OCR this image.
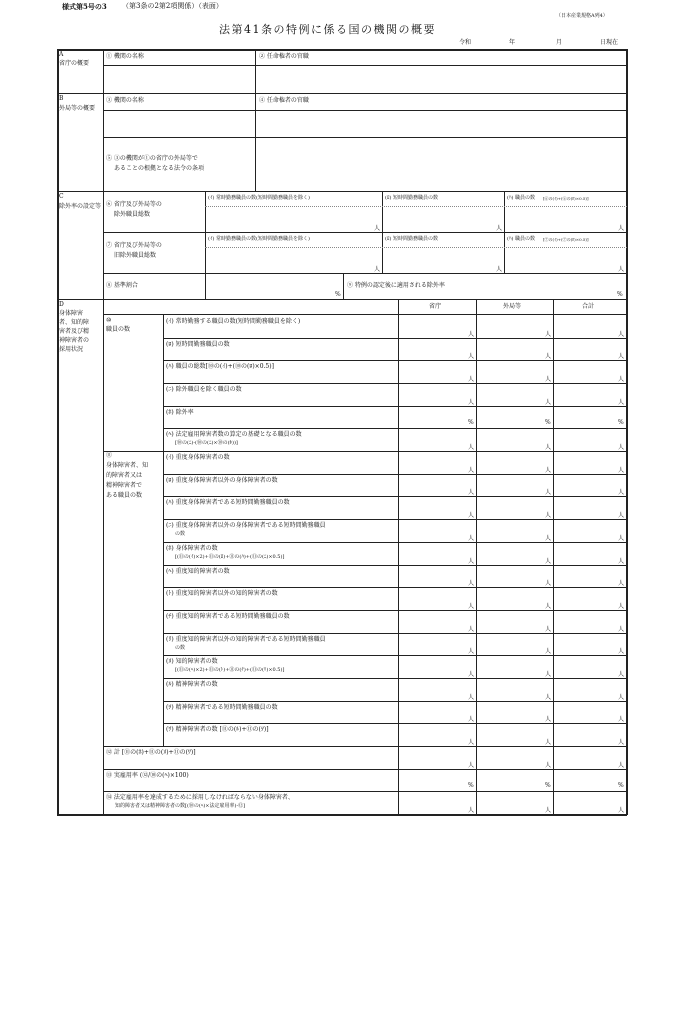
様式第5号の3 （第3条の2第2項関係）（表面）
（日本産業規格A列4）
法第41条の特例に係る国の機関の概要
令和	年	月	日現在
A
省庁の概要
① 機関の名称	② 任命権者の官職
B
外局等の概要
③ 機関の名称	④ 任命権者の官職
⑤ ③の機関が①の省庁の外局等で
あることの根拠となる法令の条項
C
除外率の設定等 ⑥ 省庁及び外局等の
除外職員総数
(ｲ) 常時勤務職員の数(短時間勤務職員を除く)	(ﾛ) 短時間勤務職員の数	(ﾊ) 職員の数 [⑥の(ｲ)+(⑥の(ﾛ)×0.5)]
人	人	人
⑦ 省庁及び外局等の
旧除外職員総数
(ｲ) 常時勤務職員の数(短時間勤務職員を除く)	(ﾛ) 短時間勤務職員の数	(ﾊ) 職員の数 [⑦の(ｲ)+(⑦の(ﾛ)×0.5)]
人	人	人
⑧ 基準割合
%
⑨ 特例の認定後に適用される除外率
%
D
身体障害
者、知的障
害者及び精
神障害者の
採用状況
省庁	外局等	合計
⑩
職員の数
⑪
身体障害者、知
的障害者又は
精神障害者で
ある職員の数
(ｲ) 常時勤務する職員の数(短時間勤務職員を除く)
人	人	人
(ﾛ) 短時間勤務職員の数
人	人	人
(ﾊ) 職員の総数[⑩の(ｲ)+(⑩の(ﾛ)×0.5)]
人	人	人
(ﾆ) 除外職員を除く職員の数
人	人	人
(ﾎ) 除外率
%	%	%
(ﾍ) 法定雇用障害者数の算定の基礎となる職員の数
[⑩の(ﾆ)-(⑩の(ﾆ)×⑩の(ﾎ))]
人	人	人
(ｲ) 重度身体障害者の数
人	人	人
(ﾛ) 重度身体障害者以外の身体障害者の数
人	人	人
(ﾊ) 重度身体障害者である短時間勤務職員の数
人	人	人
(ﾆ) 重度身体障害者以外の身体障害者である短時間勤務職員
の数
人	人	人
(ﾎ) 身体障害者の数
[(⑪の(ｲ)×2)+⑪の(ﾛ)+⑪の(ﾊ)+(⑪の(ﾆ)×0.5)]
人	人	人
(ﾍ) 重度知的障害者の数
人	人	人
(ﾄ) 重度知的障害者以外の知的障害者の数
人	人	人
(ﾁ) 重度知的障害者である短時間勤務職員の数
人	人	人
(ﾘ) 重度知的障害者以外の知的障害者である短時間勤務職員
の数
人	人	人
(ﾇ) 知的障害者の数
[(⑪の(ﾍ)×2)+⑪の(ﾄ)+⑪の(ﾁ)+(⑪の(ﾘ)×0.5)]
人	人	人
(ﾙ) 精神障害者の数
人	人	人
(ｦ) 精神障害者である短時間勤務職員の数
人	人	人
(ﾜ) 精神障害者の数 [⑪の(ﾙ)+⑪の(ｦ)]
人	人	人
⑫ 計 [⑪の(ﾎ)+⑪の(ﾇ)+⑪の(ﾜ)]
人	人	人
⑬ 実雇用率 (⑫/⑩の(ﾍ)×100)
%	%	%
⑭ 法定雇用率を達成するために採用しなければならない身体障害者、
知的障害者又は精神障害者の数[(⑩の(ﾍ)×法定雇用率)-⑫]
人	人	人
